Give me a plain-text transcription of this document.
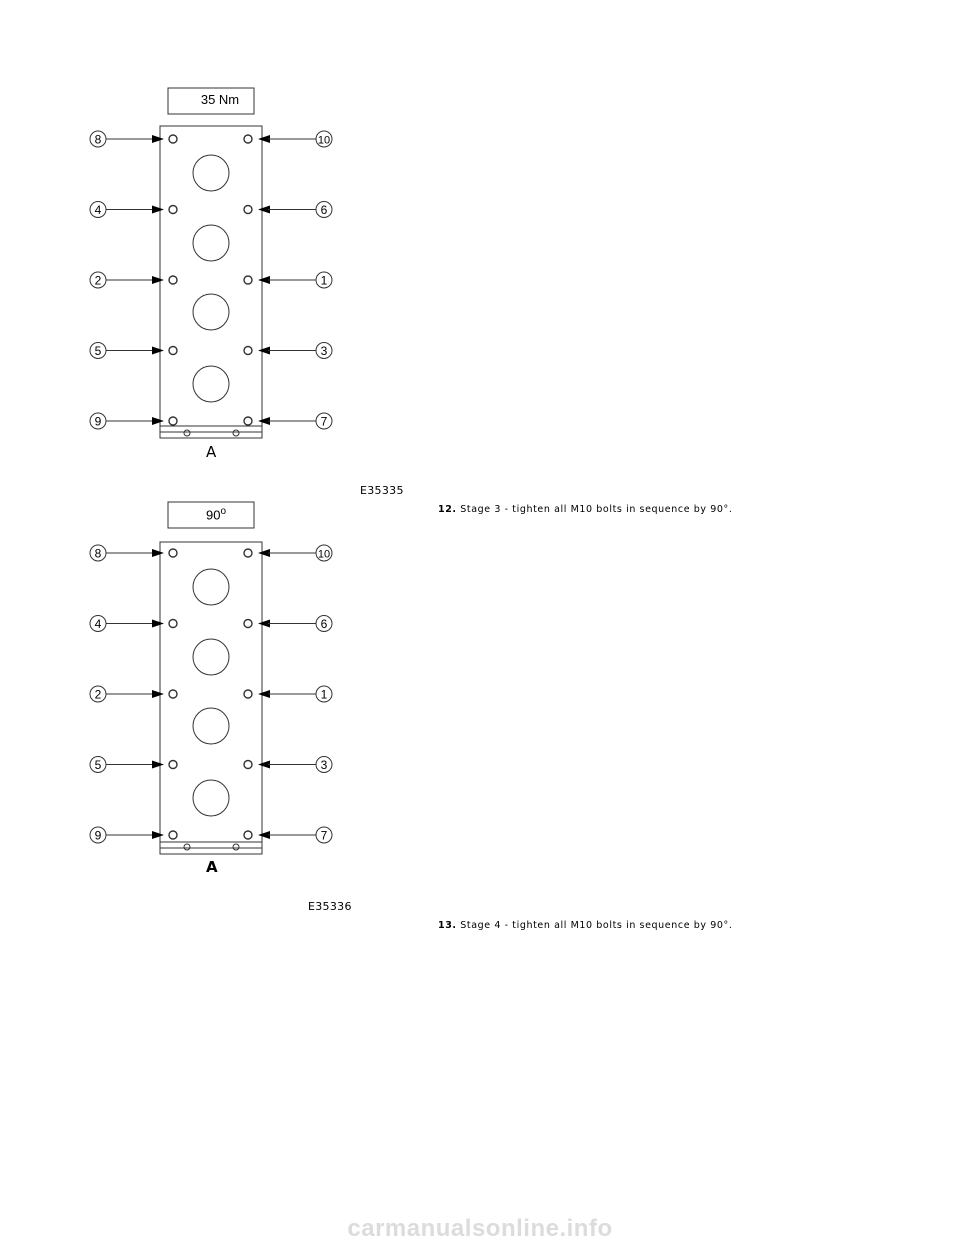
8	10
4	6
2	1
5	3
9	7
35 Nm
A
E35335
12. Stage 3 - tighten all M10 bolts in sequence by 90°.
8	10
4	6
2	1
5	3
9	7
90$^o$
A
E35336
13. Stage 4 - tighten all M10 bolts in sequence by 90°.
carmanualsonline.info
